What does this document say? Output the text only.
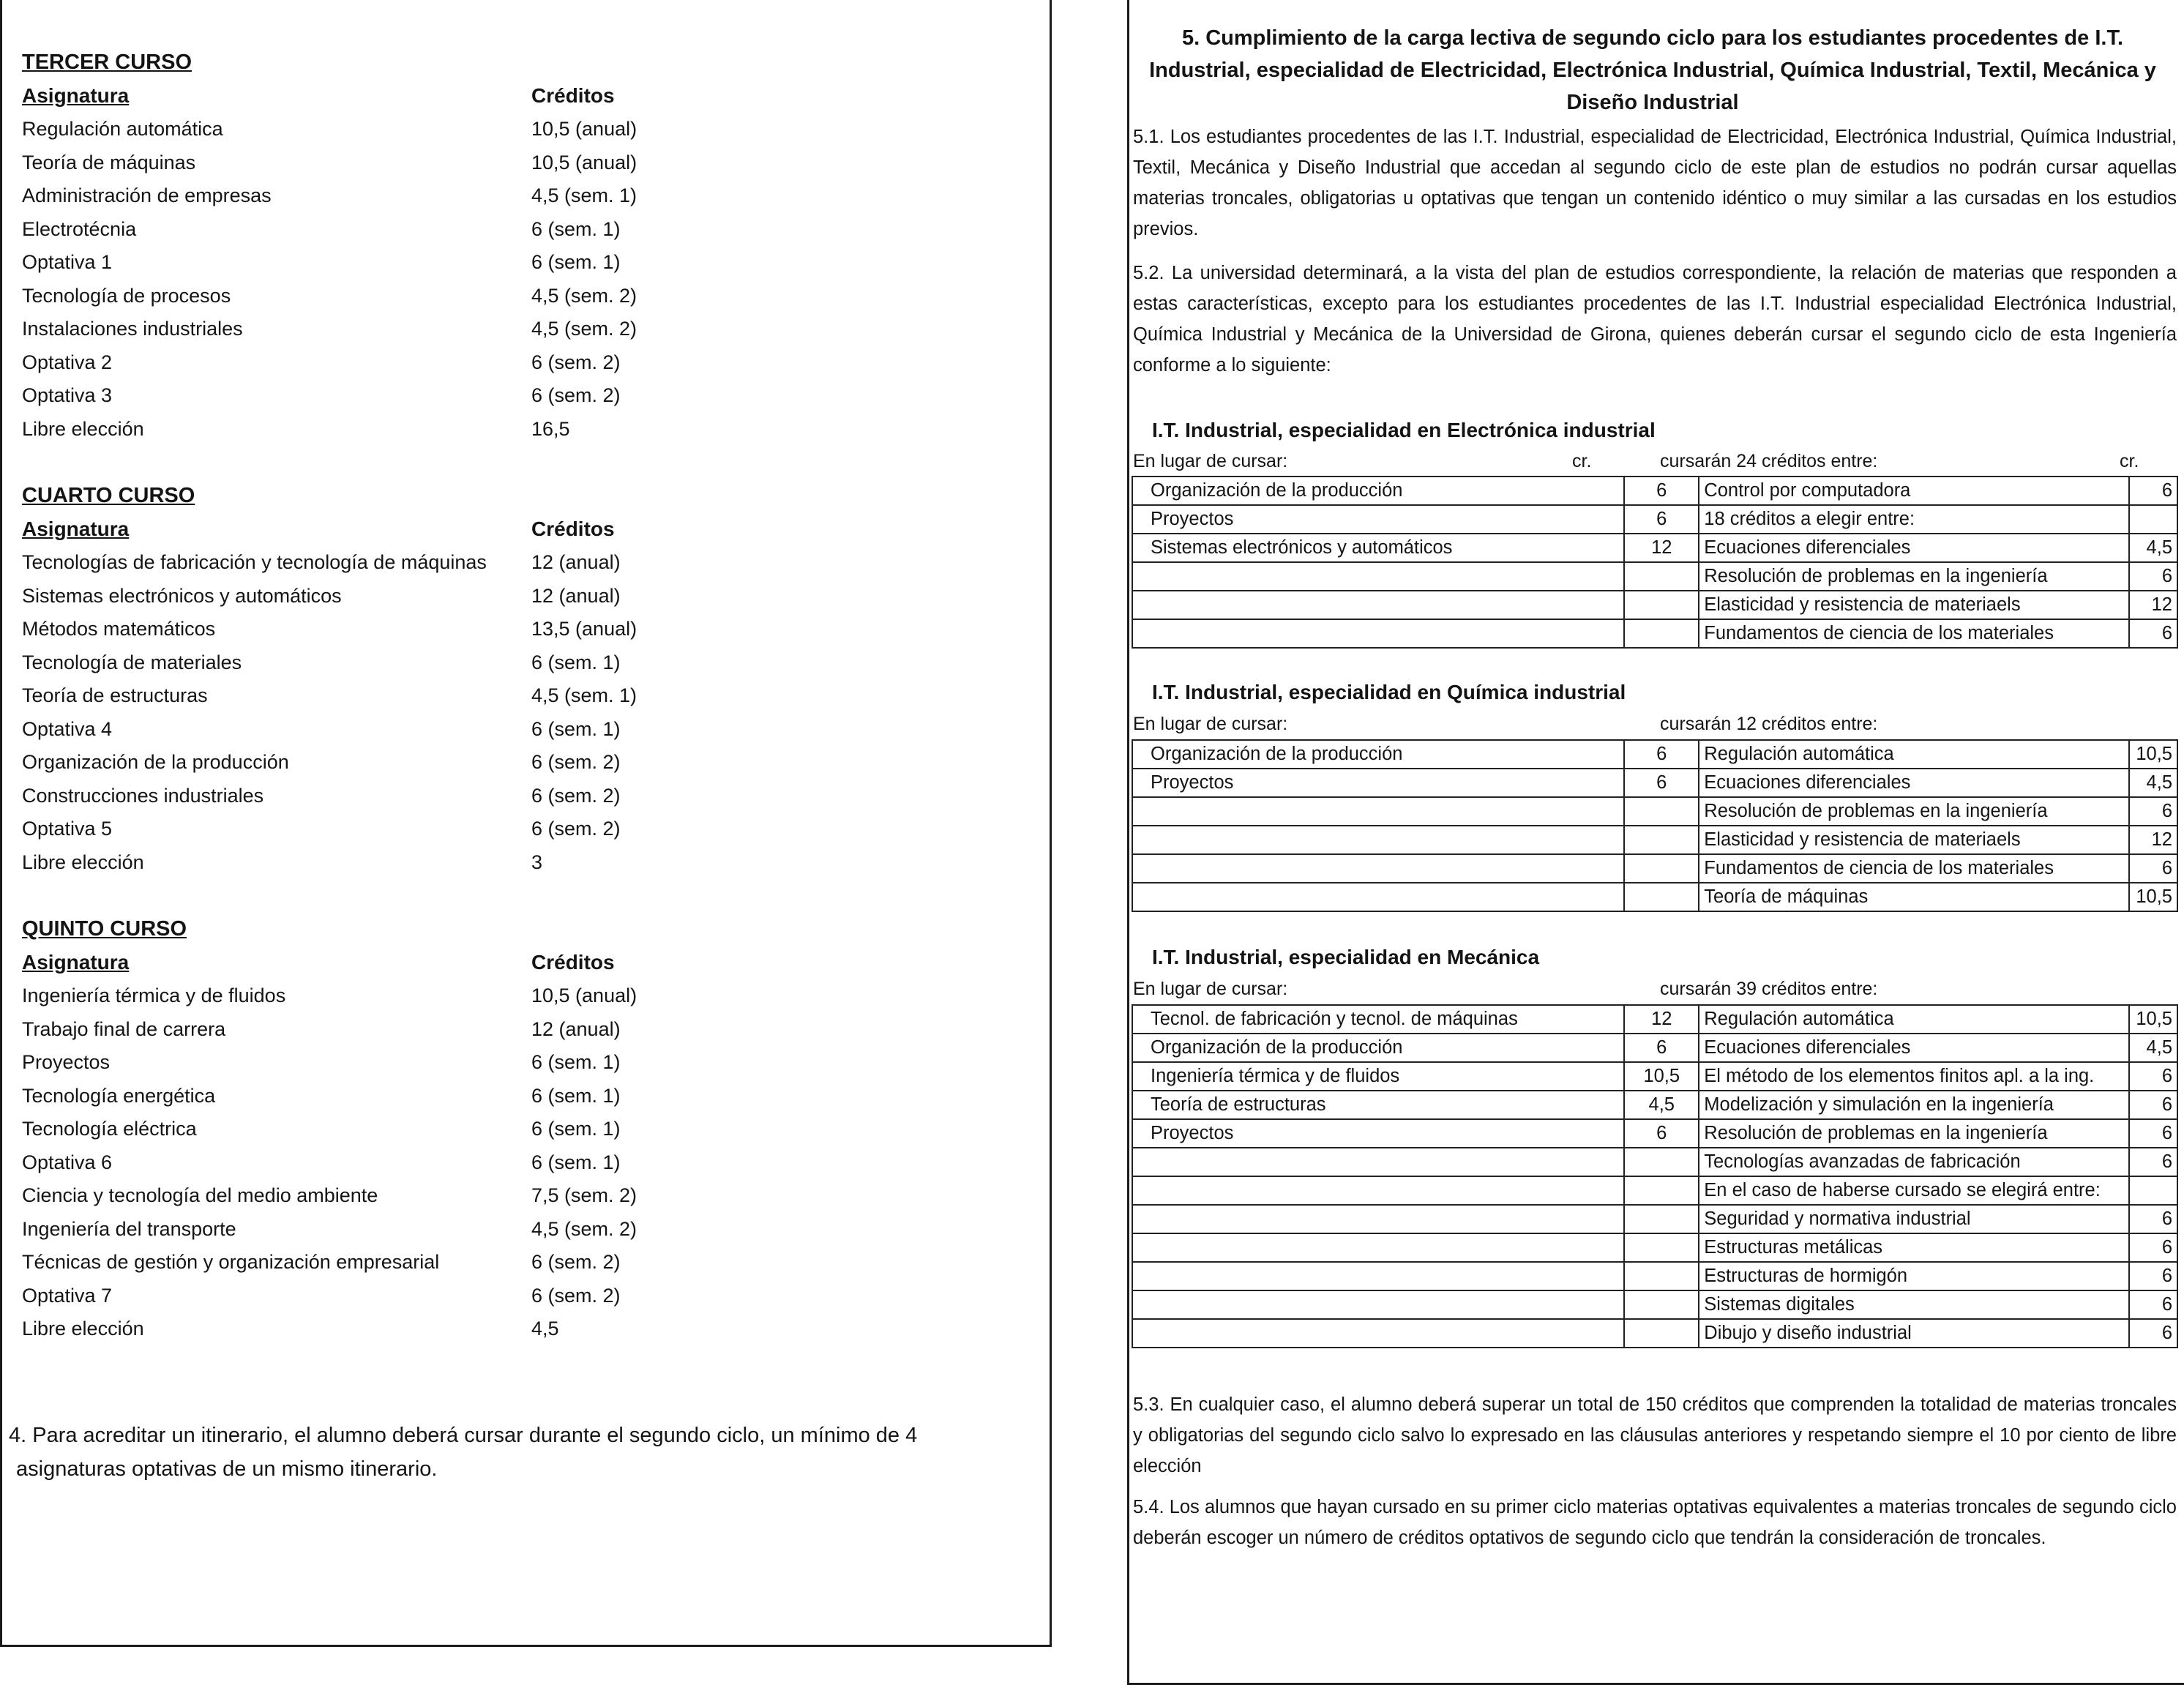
TERCER CURSO
Asignatura	Créditos
Regulación automática	10,5 (anual)
Teoría de máquinas	10,5 (anual)
Administración de empresas	4,5 (sem. 1)
Electrotécnia	6 (sem. 1)
Optativa 1	6 (sem. 1)
Tecnología de procesos	4,5 (sem. 2)
Instalaciones industriales	4,5 (sem. 2)
Optativa 2	6 (sem. 2)
Optativa 3	6 (sem. 2)
Libre elección	16,5
CUARTO CURSO
Asignatura	Créditos
Tecnologías de fabricación y tecnología de máquinas 12 (anual)
Sistemas electrónicos y automáticos	12 (anual)
Métodos matemáticos	13,5 (anual)
Tecnología de materiales	6 (sem. 1)
Teoría de estructuras	4,5 (sem. 1)
Optativa 4	6 (sem. 1)
Organización de la producción	6 (sem. 2)
Construcciones industriales	6 (sem. 2)
Optativa 5	6 (sem. 2)
Libre elección	3
QUINTO CURSO
Asignatura	Créditos
Ingeniería térmica y de fluidos	10,5 (anual)
Trabajo final de carrera	12 (anual)
Proyectos	6 (sem. 1)
Tecnología energética	6 (sem. 1)
Tecnología eléctrica	6 (sem. 1)
Optativa 6	6 (sem. 1)
Ciencia y tecnología del medio ambiente	7,5 (sem. 2)
Ingeniería del transporte	4,5 (sem. 2)
Técnicas de gestión y organización empresarial	6 (sem. 2)
Optativa 7	6 (sem. 2)
Libre elección	4,5
4. Para acreditar un itinerario, el alumno deberá cursar durante el segundo ciclo, un mínimo de 4
asignaturas optativas de un mismo itinerario.
5. Cumplimiento de la carga lectiva de segundo ciclo para los estudiantes procedentes de I.T.
Industrial, especialidad de Electricidad, Electrónica Industrial, Química Industrial, Textil, Mecánica y
Diseño Industrial
5.1. Los estudiantes procedentes de las I.T. Industrial, especialidad de Electricidad, Electrónica Industrial, Química Industrial, Textil, Mecánica y Diseño Industrial que accedan al segundo ciclo de este plan de estudios no podrán cursar aquellas materias troncales, obligatorias u optativas que tengan un contenido idéntico o muy similar a las cursadas en los estudios previos.
5.2. La universidad determinará, a la vista del plan de estudios correspondiente, la relación de materias que responden a estas características, excepto para los estudiantes procedentes de las I.T. Industrial especialidad Electrónica Industrial, Química Industrial y Mecánica de la Universidad de Girona, quienes deberán cursar el segundo ciclo de esta Ingeniería conforme a lo siguiente:
I.T. Industrial, especialidad en Electrónica industrial
En lugar de cursar:	cr.	cursarán 24 créditos entre:	cr.
Organización de la producción	6	Control por computadora	6
Proyectos	6	18 créditos a elegir entre:	
Sistemas electrónicos y automáticos	12	Ecuaciones diferenciales	4,5
		Resolución de problemas en la ingeniería	6
		Elasticidad y resistencia de materiaels	12
		Fundamentos de ciencia de los materiales	6
I.T. Industrial, especialidad en Química industrial
En lugar de cursar:	cursarán 12 créditos entre:
Organización de la producción	6	Regulación automática	10,5
Proyectos	6	Ecuaciones diferenciales	4,5
		Resolución de problemas en la ingeniería	6
		Elasticidad y resistencia de materiaels	12
		Fundamentos de ciencia de los materiales	6
		Teoría de máquinas	10,5
I.T. Industrial, especialidad en Mecánica
En lugar de cursar:	cursarán 39 créditos entre:
Tecnol. de fabricación y tecnol. de máquinas	12	Regulación automática	10,5
Organización de la producción	6	Ecuaciones diferenciales	4,5
Ingeniería térmica y de fluidos	10,5	El método de los elementos finitos apl. a la ing.	6
Teoría de estructuras	4,5	Modelización y simulación en la ingeniería	6
Proyectos	6	Resolución de problemas en la ingeniería	6
		Tecnologías avanzadas de fabricación	6
		En el caso de haberse cursado se elegirá entre:	
		Seguridad y normativa industrial	6
		Estructuras metálicas	6
		Estructuras de hormigón	6
		Sistemas digitales	6
		Dibujo y diseño industrial	6
5.3. En cualquier caso, el alumno deberá superar un total de 150 créditos que comprenden la totalidad de materias troncales y obligatorias del segundo ciclo salvo lo expresado en las cláusulas anteriores y respetando siempre el 10 por ciento de libre elección
5.4. Los alumnos que hayan cursado en su primer ciclo materias optativas equivalentes a materias troncales de segundo ciclo deberán escoger un número de créditos optativos de segundo ciclo que tendrán la consideración de troncales.
